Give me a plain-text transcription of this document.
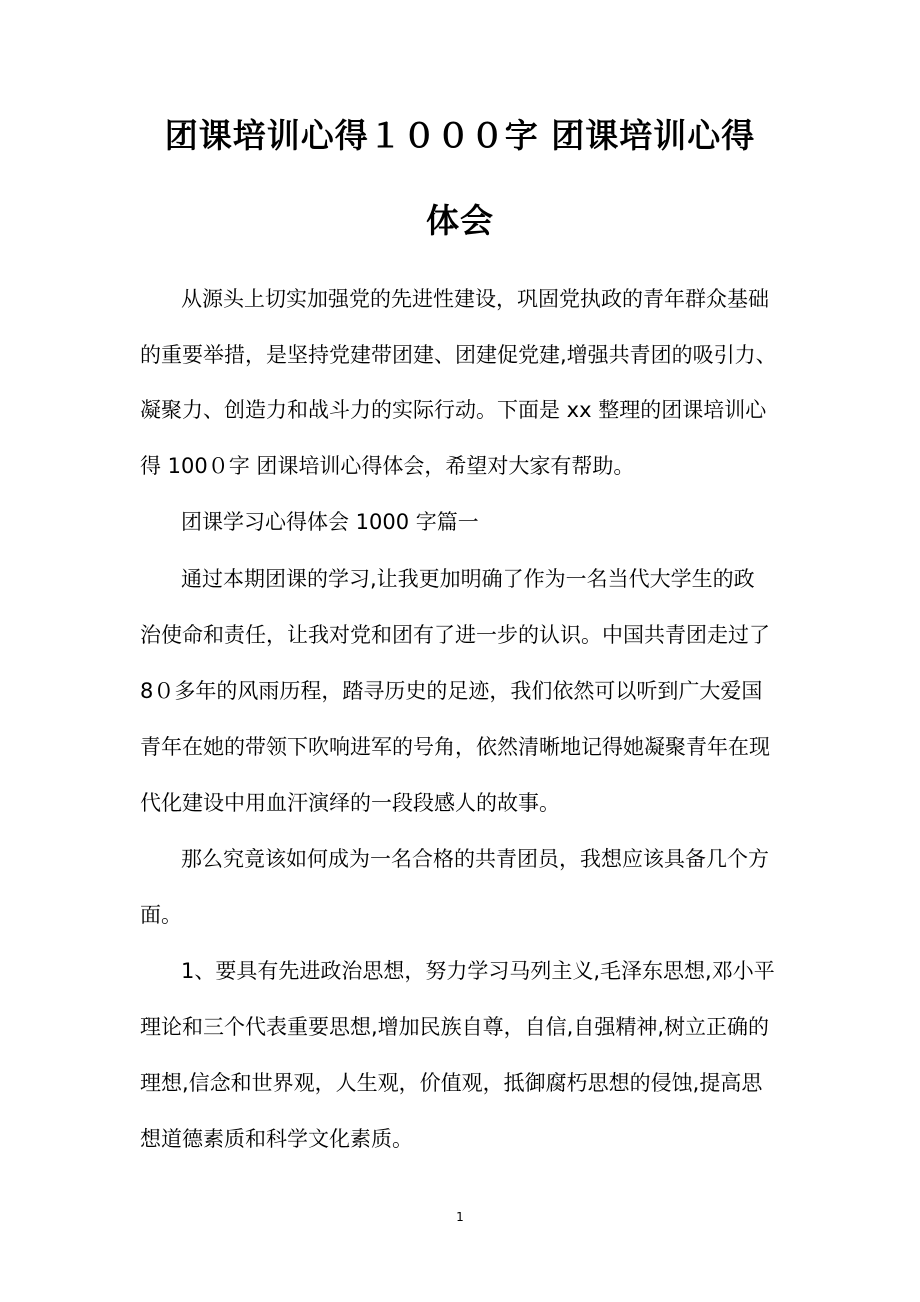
团课培训心得１０００字 团课培训心得
体会
从源头上切实加强党的先进性建设，巩固党执政的青年群众基础
的重要举措，是坚持党建带团建、团建促党建,增强共青团的吸引力、
凝聚力、创造力和战斗力的实际行动。下面是 xx 整理的团课培训心
得 100０字 团课培训心得体会，希望对大家有帮助。
团课学习心得体会 1000 字篇一
通过本期团课的学习,让我更加明确了作为一名当代大学生的政
治使命和责任，让我对党和团有了进一步的认识。中国共青团走过了
8０多年的风雨历程，踏寻历史的足迹，我们依然可以听到广大爱国
青年在她的带领下吹响进军的号角，依然清晰地记得她凝聚青年在现
代化建设中用血汗演绎的一段段感人的故事。
那么究竟该如何成为一名合格的共青团员，我想应该具备几个方
面。
1、要具有先进政治思想，努力学习马列主义,毛泽东思想,邓小平
理论和三个代表重要思想,增加民族自尊，自信,自强精神,树立正确的
理想,信念和世界观，人生观，价值观，抵御腐朽思想的侵蚀,提高思
想道德素质和科学文化素质。
1
